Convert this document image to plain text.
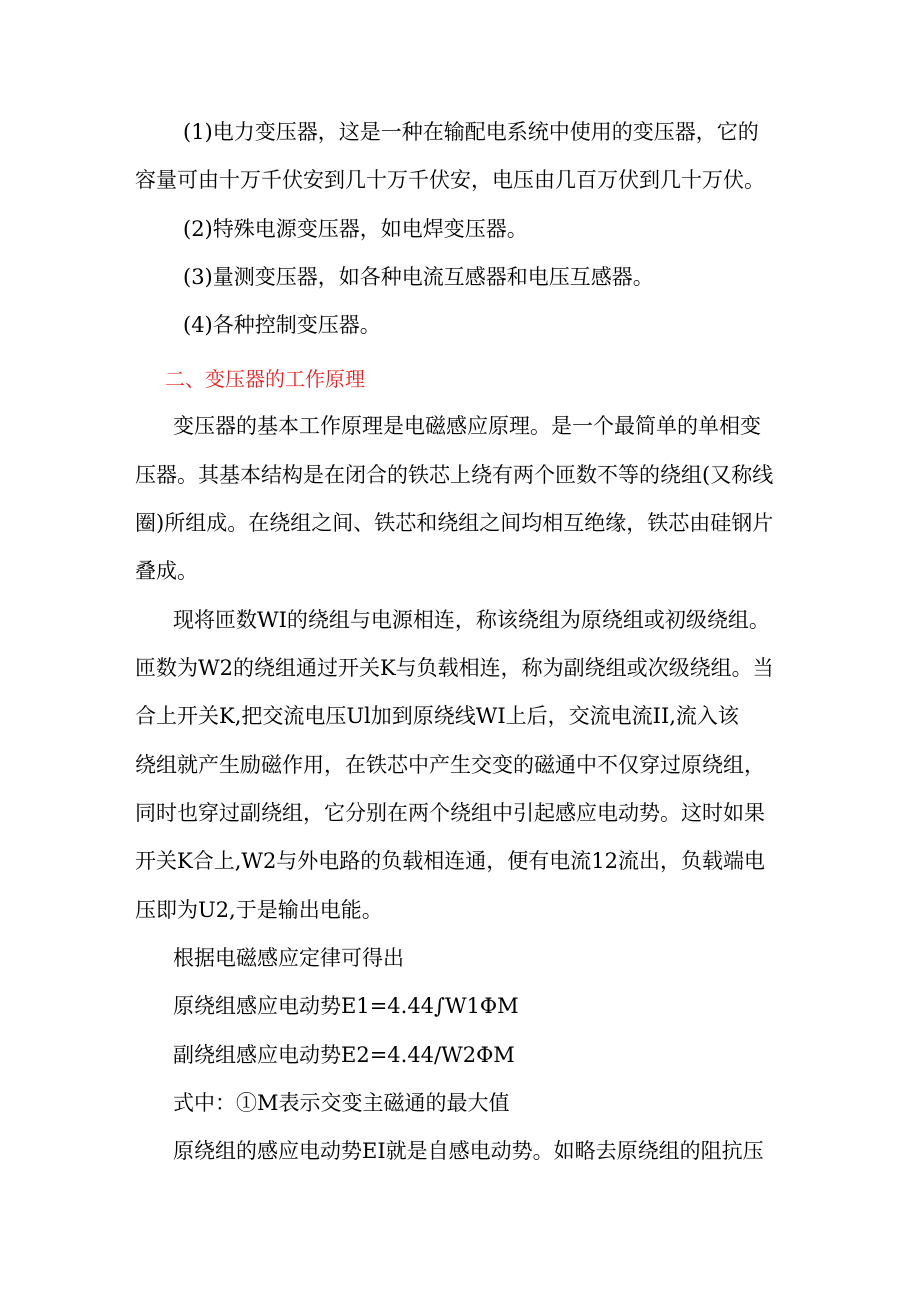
(1)电力变压器，这是一种在输配电系统中使用的变压器，它的
容量可由十万千伏安到几十万千伏安，电压由几百万伏到几十万伏。
(2)特殊电源变压器，如电焊变压器。
(3)量测变压器，如各种电流互感器和电压互感器。
(4)各种控制变压器。
二、变压器的工作原理
变压器的基本工作原理是电磁感应原理。是一个最简单的单相变
压器。其基本结构是在闭合的铁芯上绕有两个匝数不等的绕组(又称线
圈)所组成。在绕组之间、铁芯和绕组之间均相互绝缘，铁芯由硅钢片
叠成。
现将匝数WI的绕组与电源相连，称该绕组为原绕组或初级绕组。
匝数为W2的绕组通过开关K与负载相连，称为副绕组或次级绕组。当
合上开关K,把交流电压Ul加到原绕线WI上后，交流电流II,流入该
绕组就产生励磁作用，在铁芯中产生交变的磁通中不仅穿过原绕组，
同时也穿过副绕组，它分别在两个绕组中引起感应电动势。这时如果
开关K合上,W2与外电路的负载相连通，便有电流12流出，负载端电
压即为U2,于是输出电能。
根据电磁感应定律可得出
原绕组感应电动势E1=4.44∫W1ΦM
副绕组感应电动势E2=4.44/W2ΦM
式中：①M表示交变主磁通的最大值
原绕组的感应电动势EI就是自感电动势。如略去原绕组的阻抗压
